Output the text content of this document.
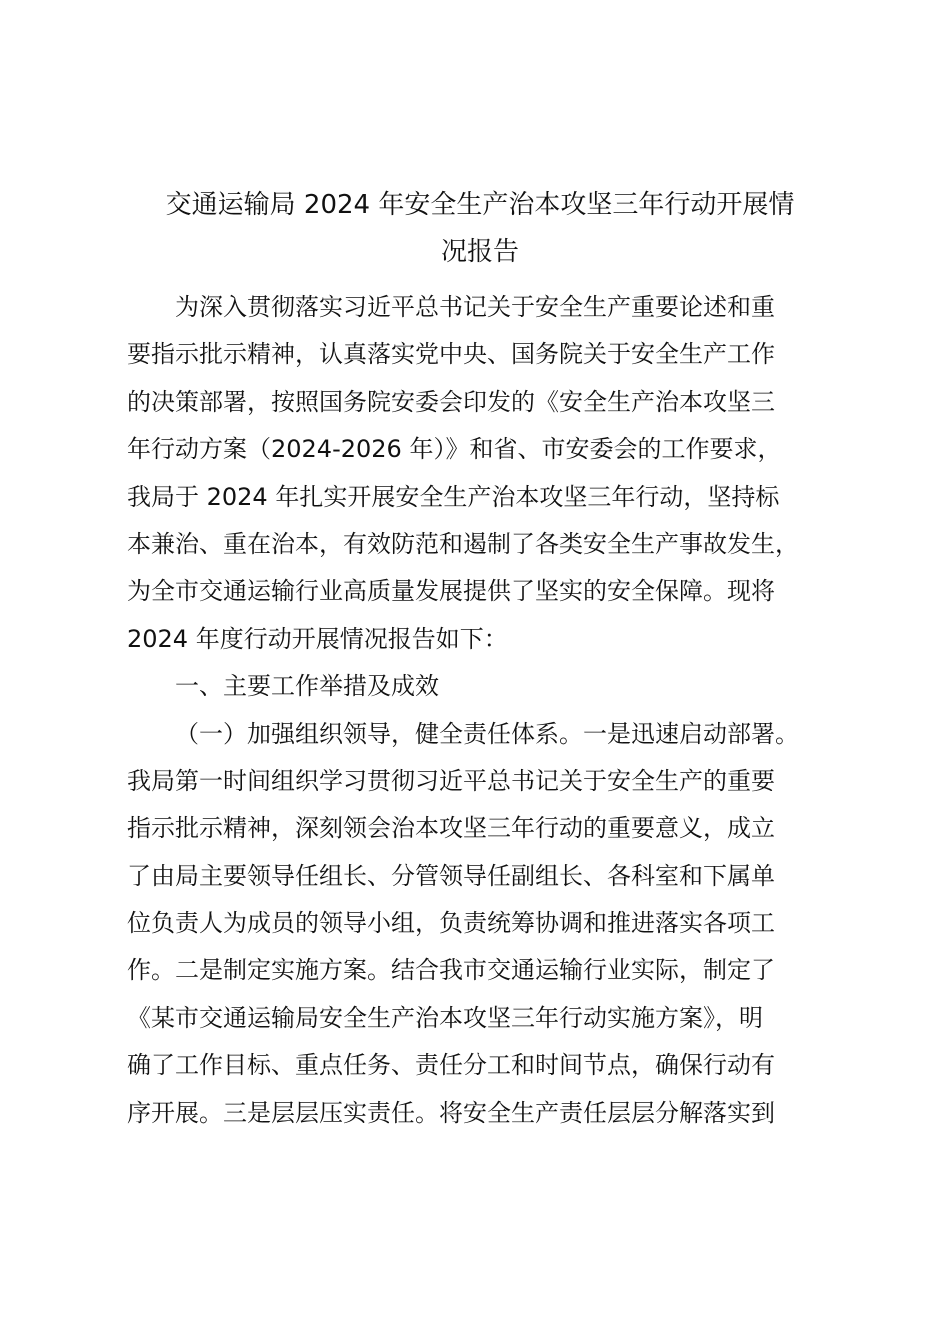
交通运输局 2024 年安全生产治本攻坚三年行动开展情
况报告
为深入贯彻落实习近平总书记关于安全生产重要论述和重
要指示批示精神，认真落实党中央、国务院关于安全生产工作
的决策部署，按照国务院安委会印发的《安全生产治本攻坚三
年行动方案（2024-2026 年）》和省、市安委会的工作要求，
我局于 2024 年扎实开展安全生产治本攻坚三年行动，坚持标
本兼治、重在治本，有效防范和遏制了各类安全生产事故发生，
为全市交通运输行业高质量发展提供了坚实的安全保障。现将
2024 年度行动开展情况报告如下：
一、主要工作举措及成效
（一）加强组织领导，健全责任体系。一是迅速启动部署。
我局第一时间组织学习贯彻习近平总书记关于安全生产的重要
指示批示精神，深刻领会治本攻坚三年行动的重要意义，成立
了由局主要领导任组长、分管领导任副组长、各科室和下属单
位负责人为成员的领导小组，负责统筹协调和推进落实各项工
作。二是制定实施方案。结合我市交通运输行业实际，制定了
《某市交通运输局安全生产治本攻坚三年行动实施方案》，明
确了工作目标、重点任务、责任分工和时间节点，确保行动有
序开展。三是层层压实责任。将安全生产责任层层分解落实到
